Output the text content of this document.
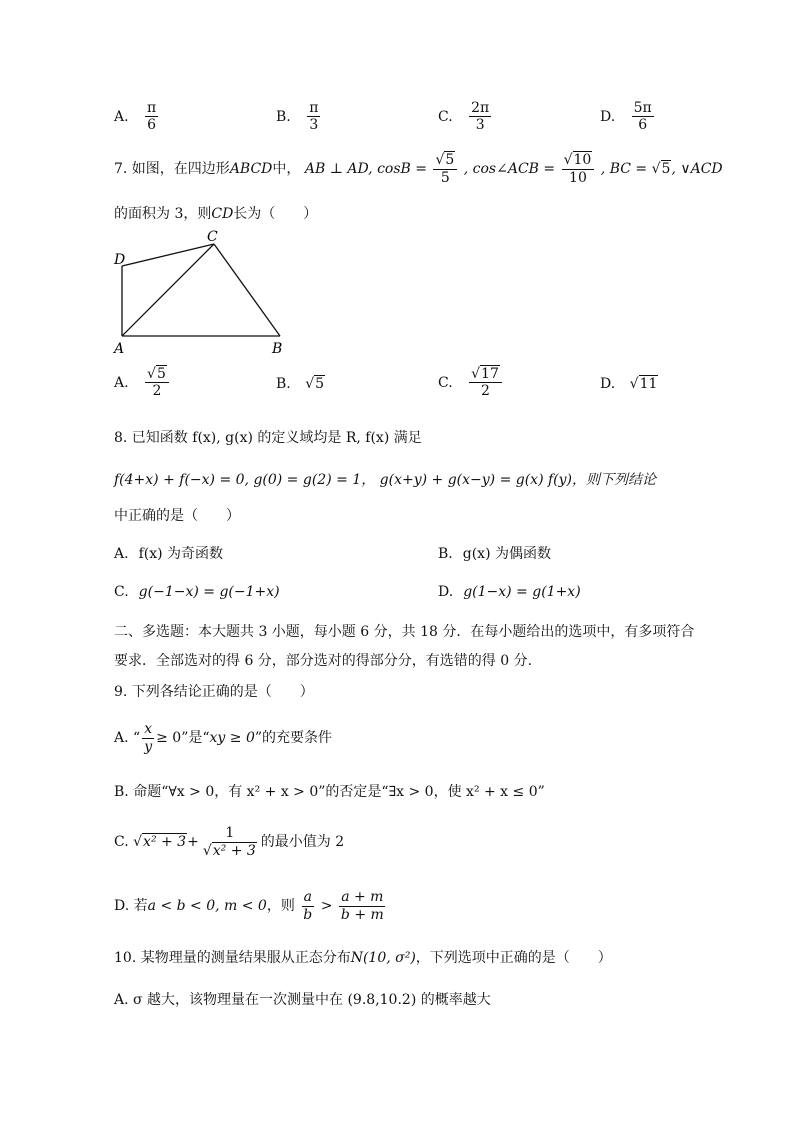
A. $\frac{\pi}{6}$	B. $\frac{\pi}{3}$	C. $\frac{2\pi}{3}$	D. $\frac{5\pi}{6}$
7. 如图，在四边形ABCD中， AB ⊥ AD, $\cos B = \frac{√5}{5}$ , cos∠ACB = $\frac{√10}{10}$ , BC = √5, ∨ACD
的面积为 3，则CD长为（　　）
A	B
C
D
A. $\frac{√5}{2}$	B. √5	C. $\frac{√17}{2}$	D. √11
8. 已知函数 f(x), g(x) 的定义域均是 R, f(x) 满足
f(4+x) + f(−x) = 0, g(0) = g(2) = 1， g(x+y) + g(x−y) = g(x) f(y)，则下列结论
中正确的是（　　）
A. f(x) 为奇函数	B. g(x) 为偶函数
C. g(−1−x) = g(−1+x)	D. g(1−x) = g(1+x)
二、多选题：本大题共 3 小题，每小题 6 分，共 18 分．在每小题给出的选项中，有多项符合
要求．全部选对的得 6 分，部分选对的得部分分，有选错的得 0 分.
9. 下列各结论正确的是（　　）
A. “ $\frac{x}{y} \ge 0$”是“xy ≥ 0”的充要条件
B. 命题“∀x > 0，有 x² + x > 0”的否定是“∃x > 0，使 x² + x ≤ 0”
C. $√x^2 + 3+ \frac{1}{\text{√x² + 3}}$ 的最小值为 2
D. 若a < b < 0, m < 0，则 $\frac{a}{b} > \frac{a + m}{b + m}$
10. 某物理量的测量结果服从正态分布N(10, σ²)，下列选项中正确的是（　　）
A. σ 越大，该物理量在一次测量中在 (9.8,10.2) 的概率越大
